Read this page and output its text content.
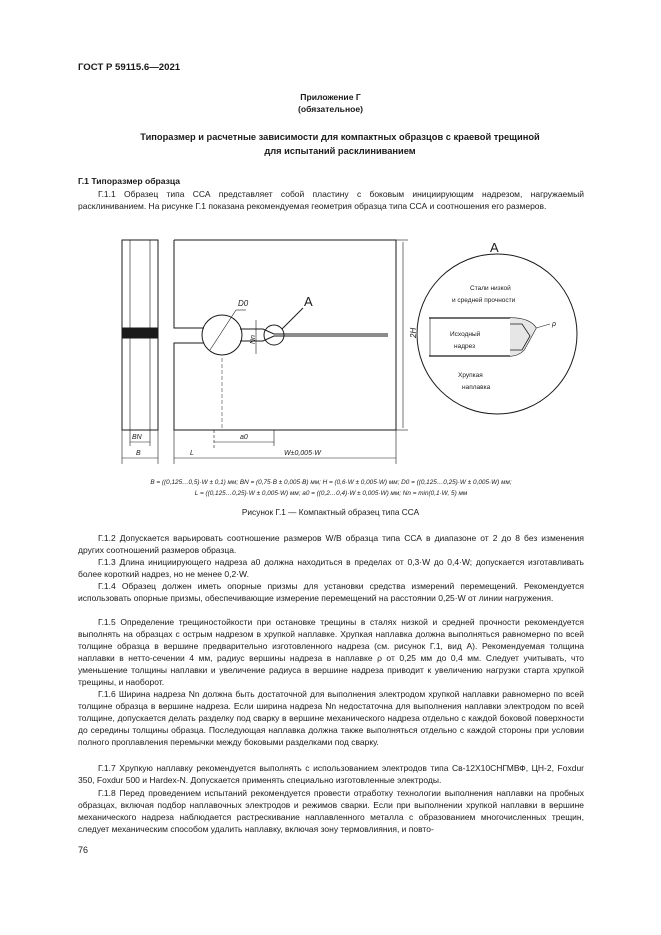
ГОСТ Р 59115.6—2021
Приложение Г
(обязательное)
Типоразмер и расчетные зависимости для компактных образцов с краевой трещиной
для испытаний расклиниванием
Г.1 Типоразмер образца
Г.1.1 Образец типа ССА представляет собой пластину с боковым инициирующим надрезом, нагружаемый расклиниванием. На рисунке Г.1 показана рекомендуемая геометрия образца типа ССА и соотношения его размеров.
D0
Nn
2H
BN
B	L
a0
W±0,005·W
ρ
A
А
Стали низкой
и средней прочности
Исходный
надрез
Хрупкая
наплавка
B = ((0,125…0,5)·W ± 0,1) мм; BN = (0,75·B ± 0,005·B) мм; H = (0,6·W ± 0,005·W) мм; D0 = ((0,125…0,25)·W ± 0,005·W) мм;
L = ((0,125…0,25)·W ± 0,005·W) мм; a0 = ((0,2…0,4)·W ± 0,005·W) мм; Nn = min(0,1·W, 5) мм
Рисунок Г.1 — Компактный образец типа ССА
Г.1.2 Допускается варьировать соотношение размеров W/B образца типа ССА в диапазоне от 2 до 8 без изменения других соотношений размеров образца.
Г.1.3 Длина инициирующего надреза a0 должна находиться в пределах от 0,3·W до 0,4·W; допускается изготавливать более короткий надрез, но не менее 0,2·W.
Г.1.4 Образец должен иметь опорные призмы для установки средства измерений перемещений. Рекомендуется использовать опорные призмы, обеспечивающие измерение перемещений на расстоянии 0,25·W от линии нагружения.
Г.1.5 Определение трещиностойкости при остановке трещины в сталях низкой и средней прочности рекомендуется выполнять на образцах с острым надрезом в хрупкой наплавке. Хрупкая наплавка должна выполняться равномерно по всей толщине образца в вершине предварительно изготовленного надреза (см. рисунок Г.1, вид А). Рекомендуемая толщина наплавки в нетто-сечении 4 мм, радиус вершины надреза в наплавке ρ от 0,25 мм до 0,4 мм. Следует учитывать, что уменьшение толщины наплавки и увеличение радиуса в вершине надреза приводит к увеличению нагрузки старта хрупкой трещины, и наоборот.
Г.1.6 Ширина надреза Nn должна быть достаточной для выполнения электродом хрупкой наплавки равномерно по всей толщине образца в вершине надреза. Если ширина надреза Nn недостаточна для выполнения наплавки электродом по всей толщине, допускается делать разделку под сварку в вершине механического надреза отдельно с каждой боковой поверхности до середины толщины образца. Последующая наплавка должна также выполняться отдельно с каждой стороны при условии полного проплавления перемычки между боковыми разделками под сварку.
Г.1.7 Хрупкую наплавку рекомендуется выполнять с использованием электродов типа Св-12Х10СНГМВФ, ЦН-2, Foxdur 350, Foxdur 500 и Hardex-N. Допускается применять специально изготовленные электроды.
Г.1.8 Перед проведением испытаний рекомендуется провести отработку технологии выполнения наплавки на пробных образцах, включая подбор наплавочных электродов и режимов сварки. Если при выполнении хрупкой наплавки в вершине механического надреза наблюдается растрескивание наплавленного металла с образованием многочисленных трещин, следует механическим способом удалить наплавку, включая зону термовлияния, и повто-
76
